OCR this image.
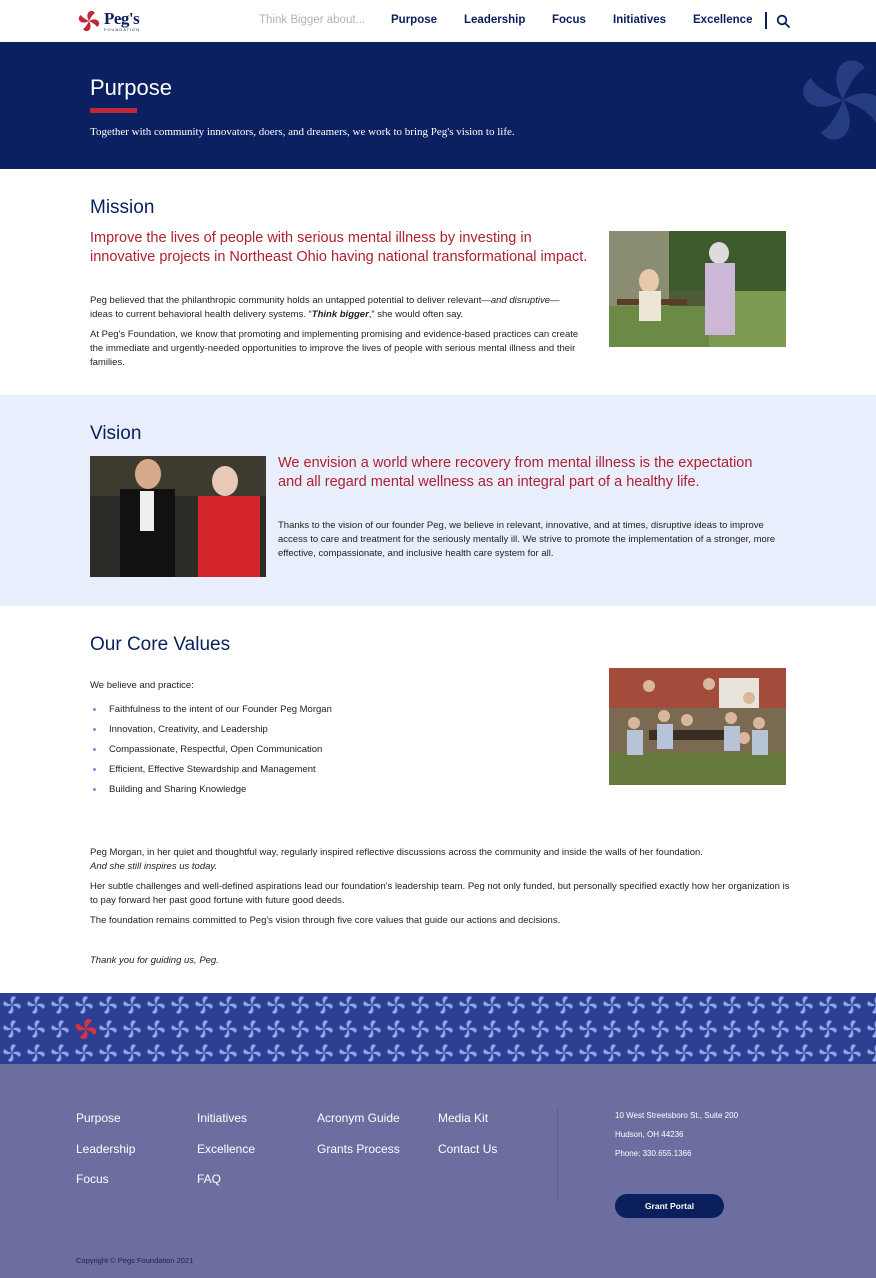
Peg's
FOUNDATION
Think Bigger about... Purpose Leadership Focus Initiatives Excellence
Purpose

Together with community innovators, doers, and dreamers, we work to bring Peg's vision to life.

Mission

Improve the lives of people with serious mental illness by investing in innovative projects in Northeast Ohio having national transformational impact.

Peg believed that the philanthropic community holds an untapped potential to deliver relevant—and disruptive—ideas to current behavioral health delivery systems. “Think bigger,” she would often say.

At Peg's Foundation, we know that promoting and implementing promising and evidence-based practices can create the immediate and urgently-needed opportunities to improve the lives of people with serious mental illness and their families.

Vision

We envision a world where recovery from mental illness is the expectation and all regard mental wellness as an integral part of a healthy life.

Thanks to the vision of our founder Peg, we believe in relevant, innovative, and at times, disruptive ideas to improve access to care and treatment for the seriously mentally ill. We strive to promote the implementation of a stronger, more effective, compassionate, and inclusive health care system for all.

Our Core Values

We believe and practice:

Faithfulness to the intent of our Founder Peg Morgan
Innovation, Creativity, and Leadership
Compassionate, Respectful, Open Communication
Efficient, Effective Stewardship and Management
Building and Sharing Knowledge

Peg Morgan, in her quiet and thoughtful way, regularly inspired reflective discussions across the community and inside the walls of her foundation.
And she still inspires us today.

Her subtle challenges and well-defined aspirations lead our foundation's leadership team. Peg not only funded, but personally specified exactly how her organization is to pay forward her past good fortune with future good deeds.

The foundation remains committed to Peg's vision through five core values that guide our actions and decisions.

Thank you for guiding us, Peg.

Purpose
Leadership
Focus
Initiatives
Excellence
FAQ
Acronym Guide
Grants Process
Media Kit
Contact Us
10 West Streetsboro St., Suite 200
Hudson, OH 44236
Phone: 330.655.1366
Grant Portal
Copyright © Pegs Foundation 2021
